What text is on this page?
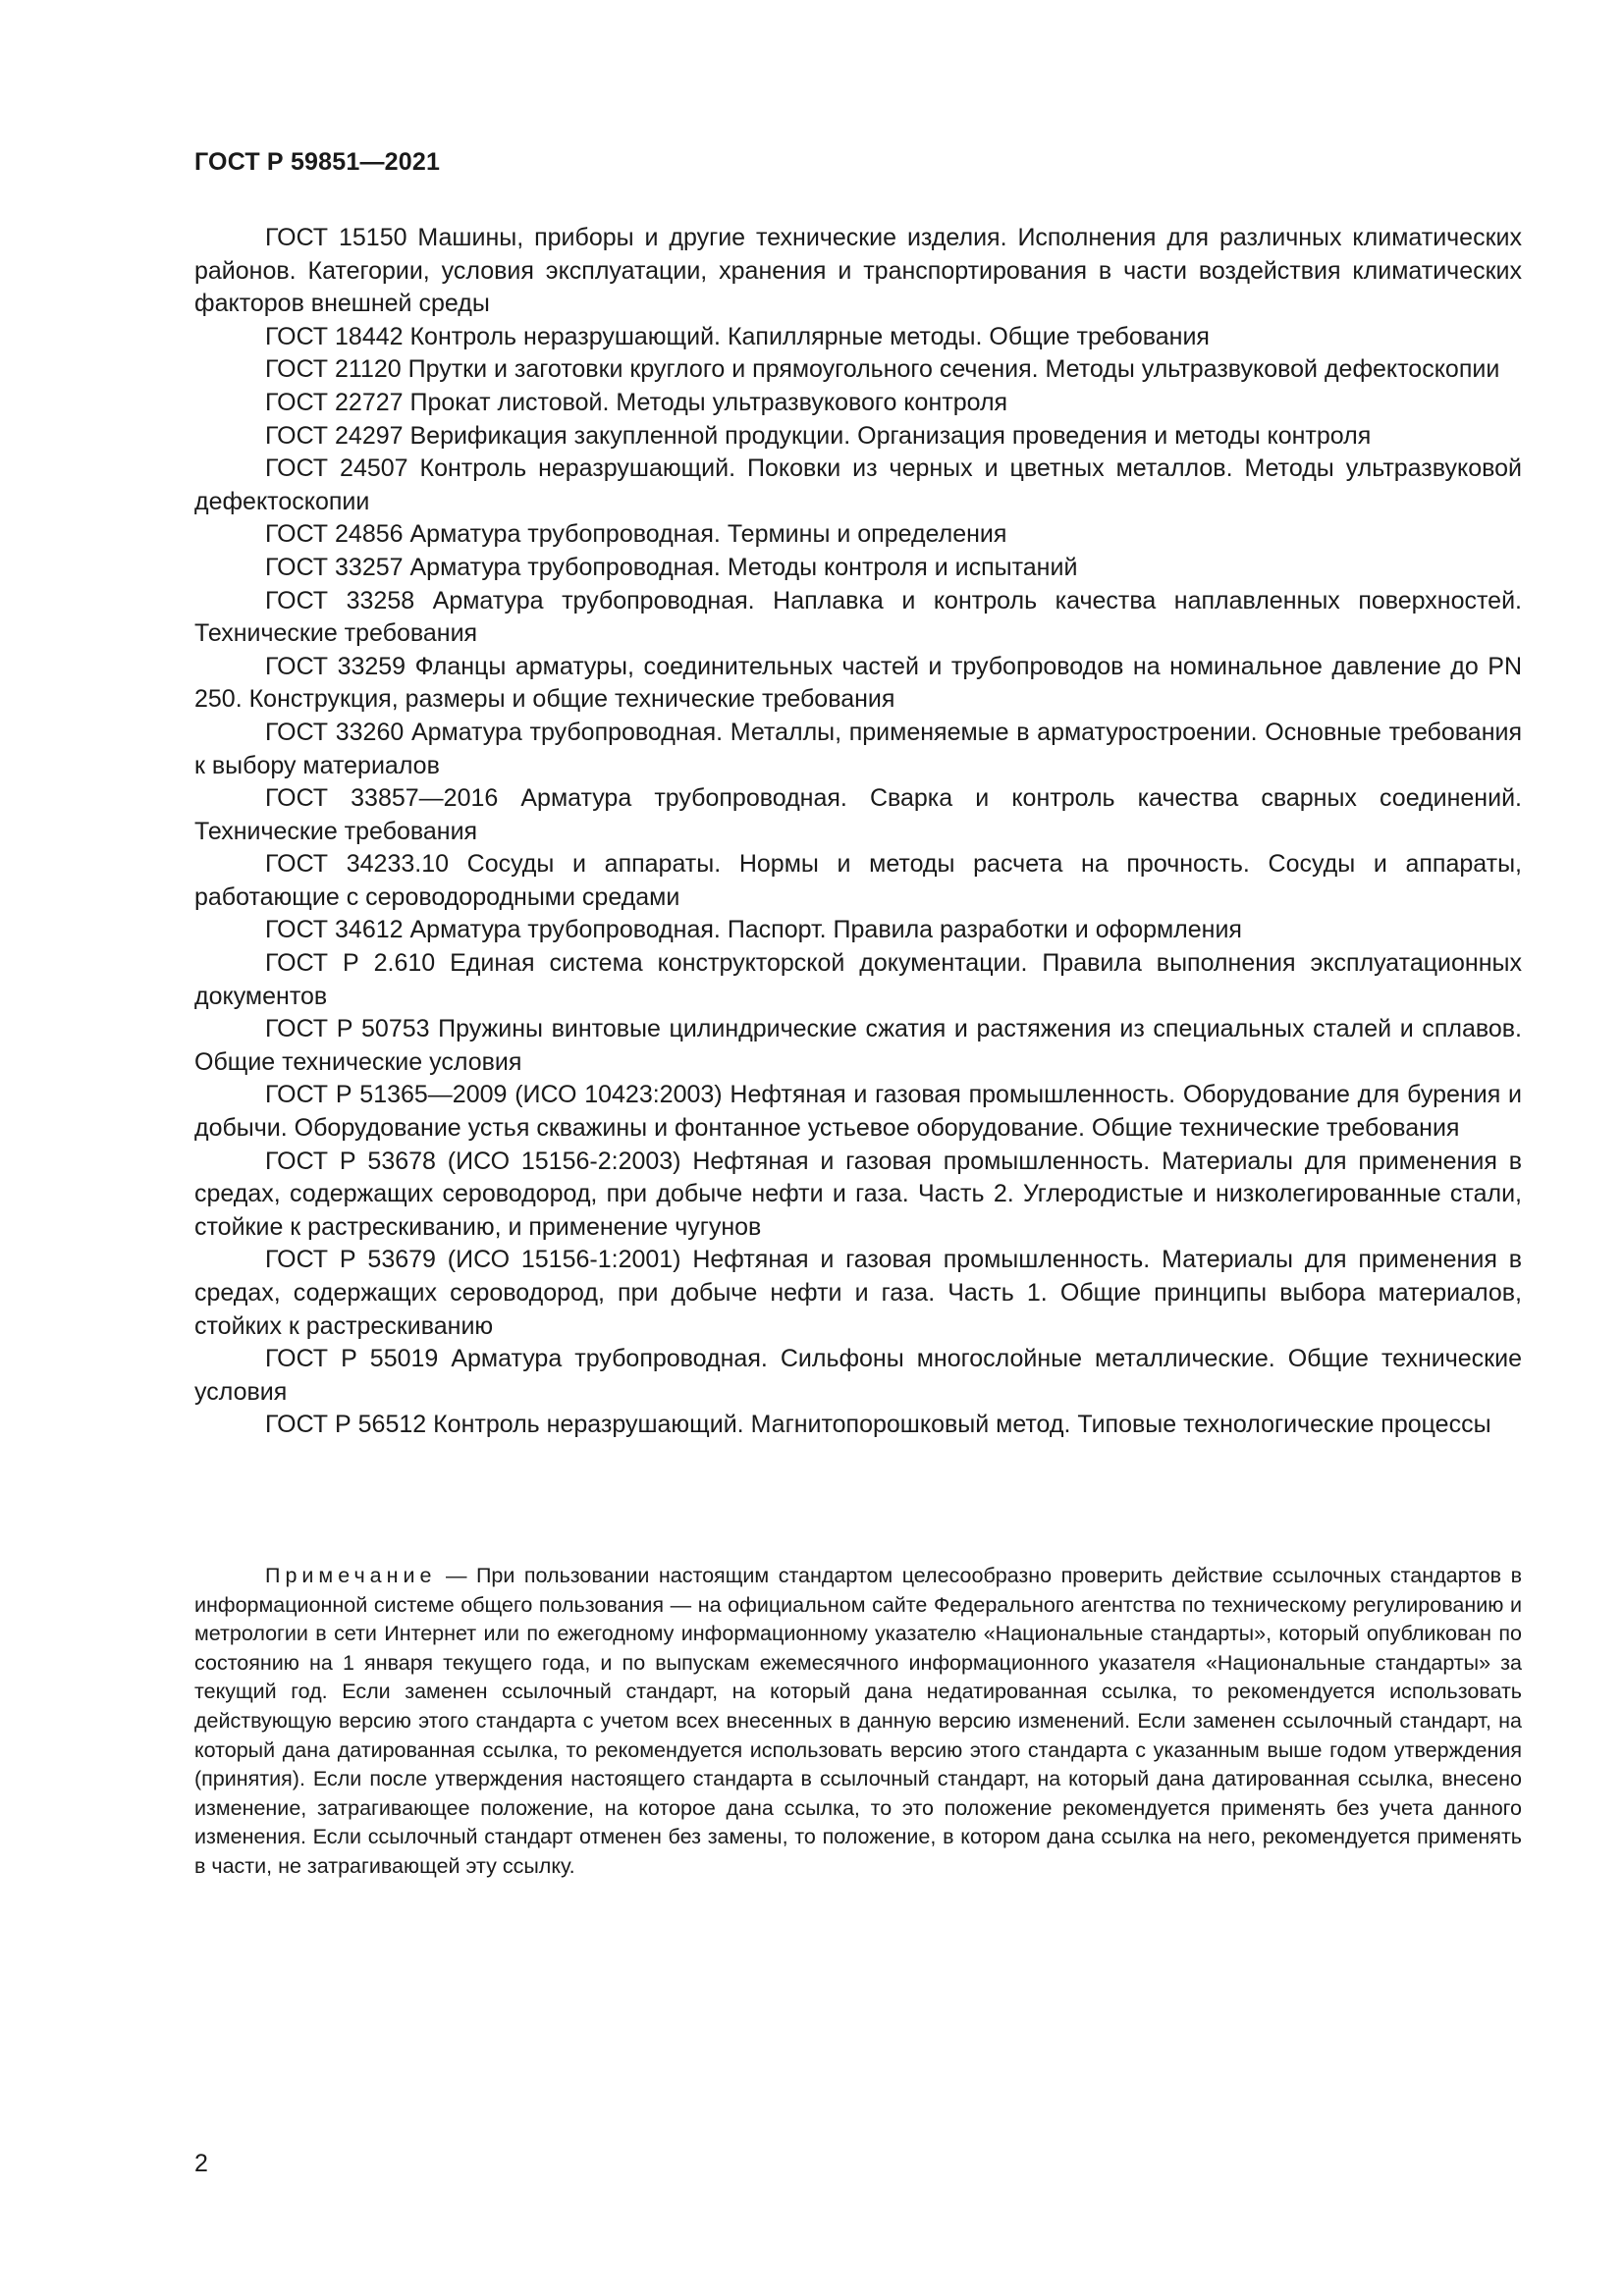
ГОСТ Р 59851—2021

ГОСТ 15150 Машины, приборы и другие технические изделия. Исполнения для различных климатических районов. Категории, условия эксплуатации, хранения и транспортирования в части воздействия климатических факторов внешней среды

ГОСТ 18442 Контроль неразрушающий. Капиллярные методы. Общие требования

ГОСТ 21120 Прутки и заготовки круглого и прямоугольного сечения. Методы ультразвуковой дефектоскопии

ГОСТ 22727 Прокат листовой. Методы ультразвукового контроля

ГОСТ 24297 Верификация закупленной продукции. Организация проведения и методы контроля

ГОСТ 24507 Контроль неразрушающий. Поковки из черных и цветных металлов. Методы ультразвуковой дефектоскопии

ГОСТ 24856 Арматура трубопроводная. Термины и определения

ГОСТ 33257 Арматура трубопроводная. Методы контроля и испытаний

ГОСТ 33258 Арматура трубопроводная. Наплавка и контроль качества наплавленных поверхностей. Технические требования

ГОСТ 33259 Фланцы арматуры, соединительных частей и трубопроводов на номинальное давление до PN 250. Конструкция, размеры и общие технические требования

ГОСТ 33260 Арматура трубопроводная. Металлы, применяемые в арматуростроении. Основные требования к выбору материалов

ГОСТ 33857—2016 Арматура трубопроводная. Сварка и контроль качества сварных соединений. Технические требования

ГОСТ 34233.10 Сосуды и аппараты. Нормы и методы расчета на прочность. Сосуды и аппараты, работающие с сероводородными средами

ГОСТ 34612 Арматура трубопроводная. Паспорт. Правила разработки и оформления

ГОСТ Р 2.610 Единая система конструкторской документации. Правила выполнения эксплуатационных документов

ГОСТ Р 50753 Пружины винтовые цилиндрические сжатия и растяжения из специальных сталей и сплавов. Общие технические условия

ГОСТ Р 51365—2009 (ИСО 10423:2003) Нефтяная и газовая промышленность. Оборудование для бурения и добычи. Оборудование устья скважины и фонтанное устьевое оборудование. Общие технические требования

ГОСТ Р 53678 (ИСО 15156-2:2003) Нефтяная и газовая промышленность. Материалы для применения в средах, содержащих сероводород, при добыче нефти и газа. Часть 2. Углеродистые и низколегированные стали, стойкие к растрескиванию, и применение чугунов

ГОСТ Р 53679 (ИСО 15156-1:2001) Нефтяная и газовая промышленность. Материалы для применения в средах, содержащих сероводород, при добыче нефти и газа. Часть 1. Общие принципы выбора материалов, стойких к растрескиванию

ГОСТ Р 55019 Арматура трубопроводная. Сильфоны многослойные металлические. Общие технические условия

ГОСТ Р 56512 Контроль неразрушающий. Магнитопорошковый метод. Типовые технологические процессы

Примечание — При пользовании настоящим стандартом целесообразно проверить действие ссылочных стандартов в информационной системе общего пользования — на официальном сайте Федерального агентства по техническому регулированию и метрологии в сети Интернет или по ежегодному информационному указателю «Национальные стандарты», который опубликован по состоянию на 1 января текущего года, и по выпускам ежемесячного информационного указателя «Национальные стандарты» за текущий год. Если заменен ссылочный стандарт, на который дана недатированная ссылка, то рекомендуется использовать действующую версию этого стандарта с учетом всех внесенных в данную версию изменений. Если заменен ссылочный стандарт, на который дана датированная ссылка, то рекомендуется использовать версию этого стандарта с указанным выше годом утверждения (принятия). Если после утверждения настоящего стандарта в ссылочный стандарт, на который дана датированная ссылка, внесено изменение, затрагивающее положение, на которое дана ссылка, то это положение рекомендуется применять без учета данного изменения. Если ссылочный стандарт отменен без замены, то положение, в котором дана ссылка на него, рекомендуется применять в части, не затрагивающей эту ссылку.

2
